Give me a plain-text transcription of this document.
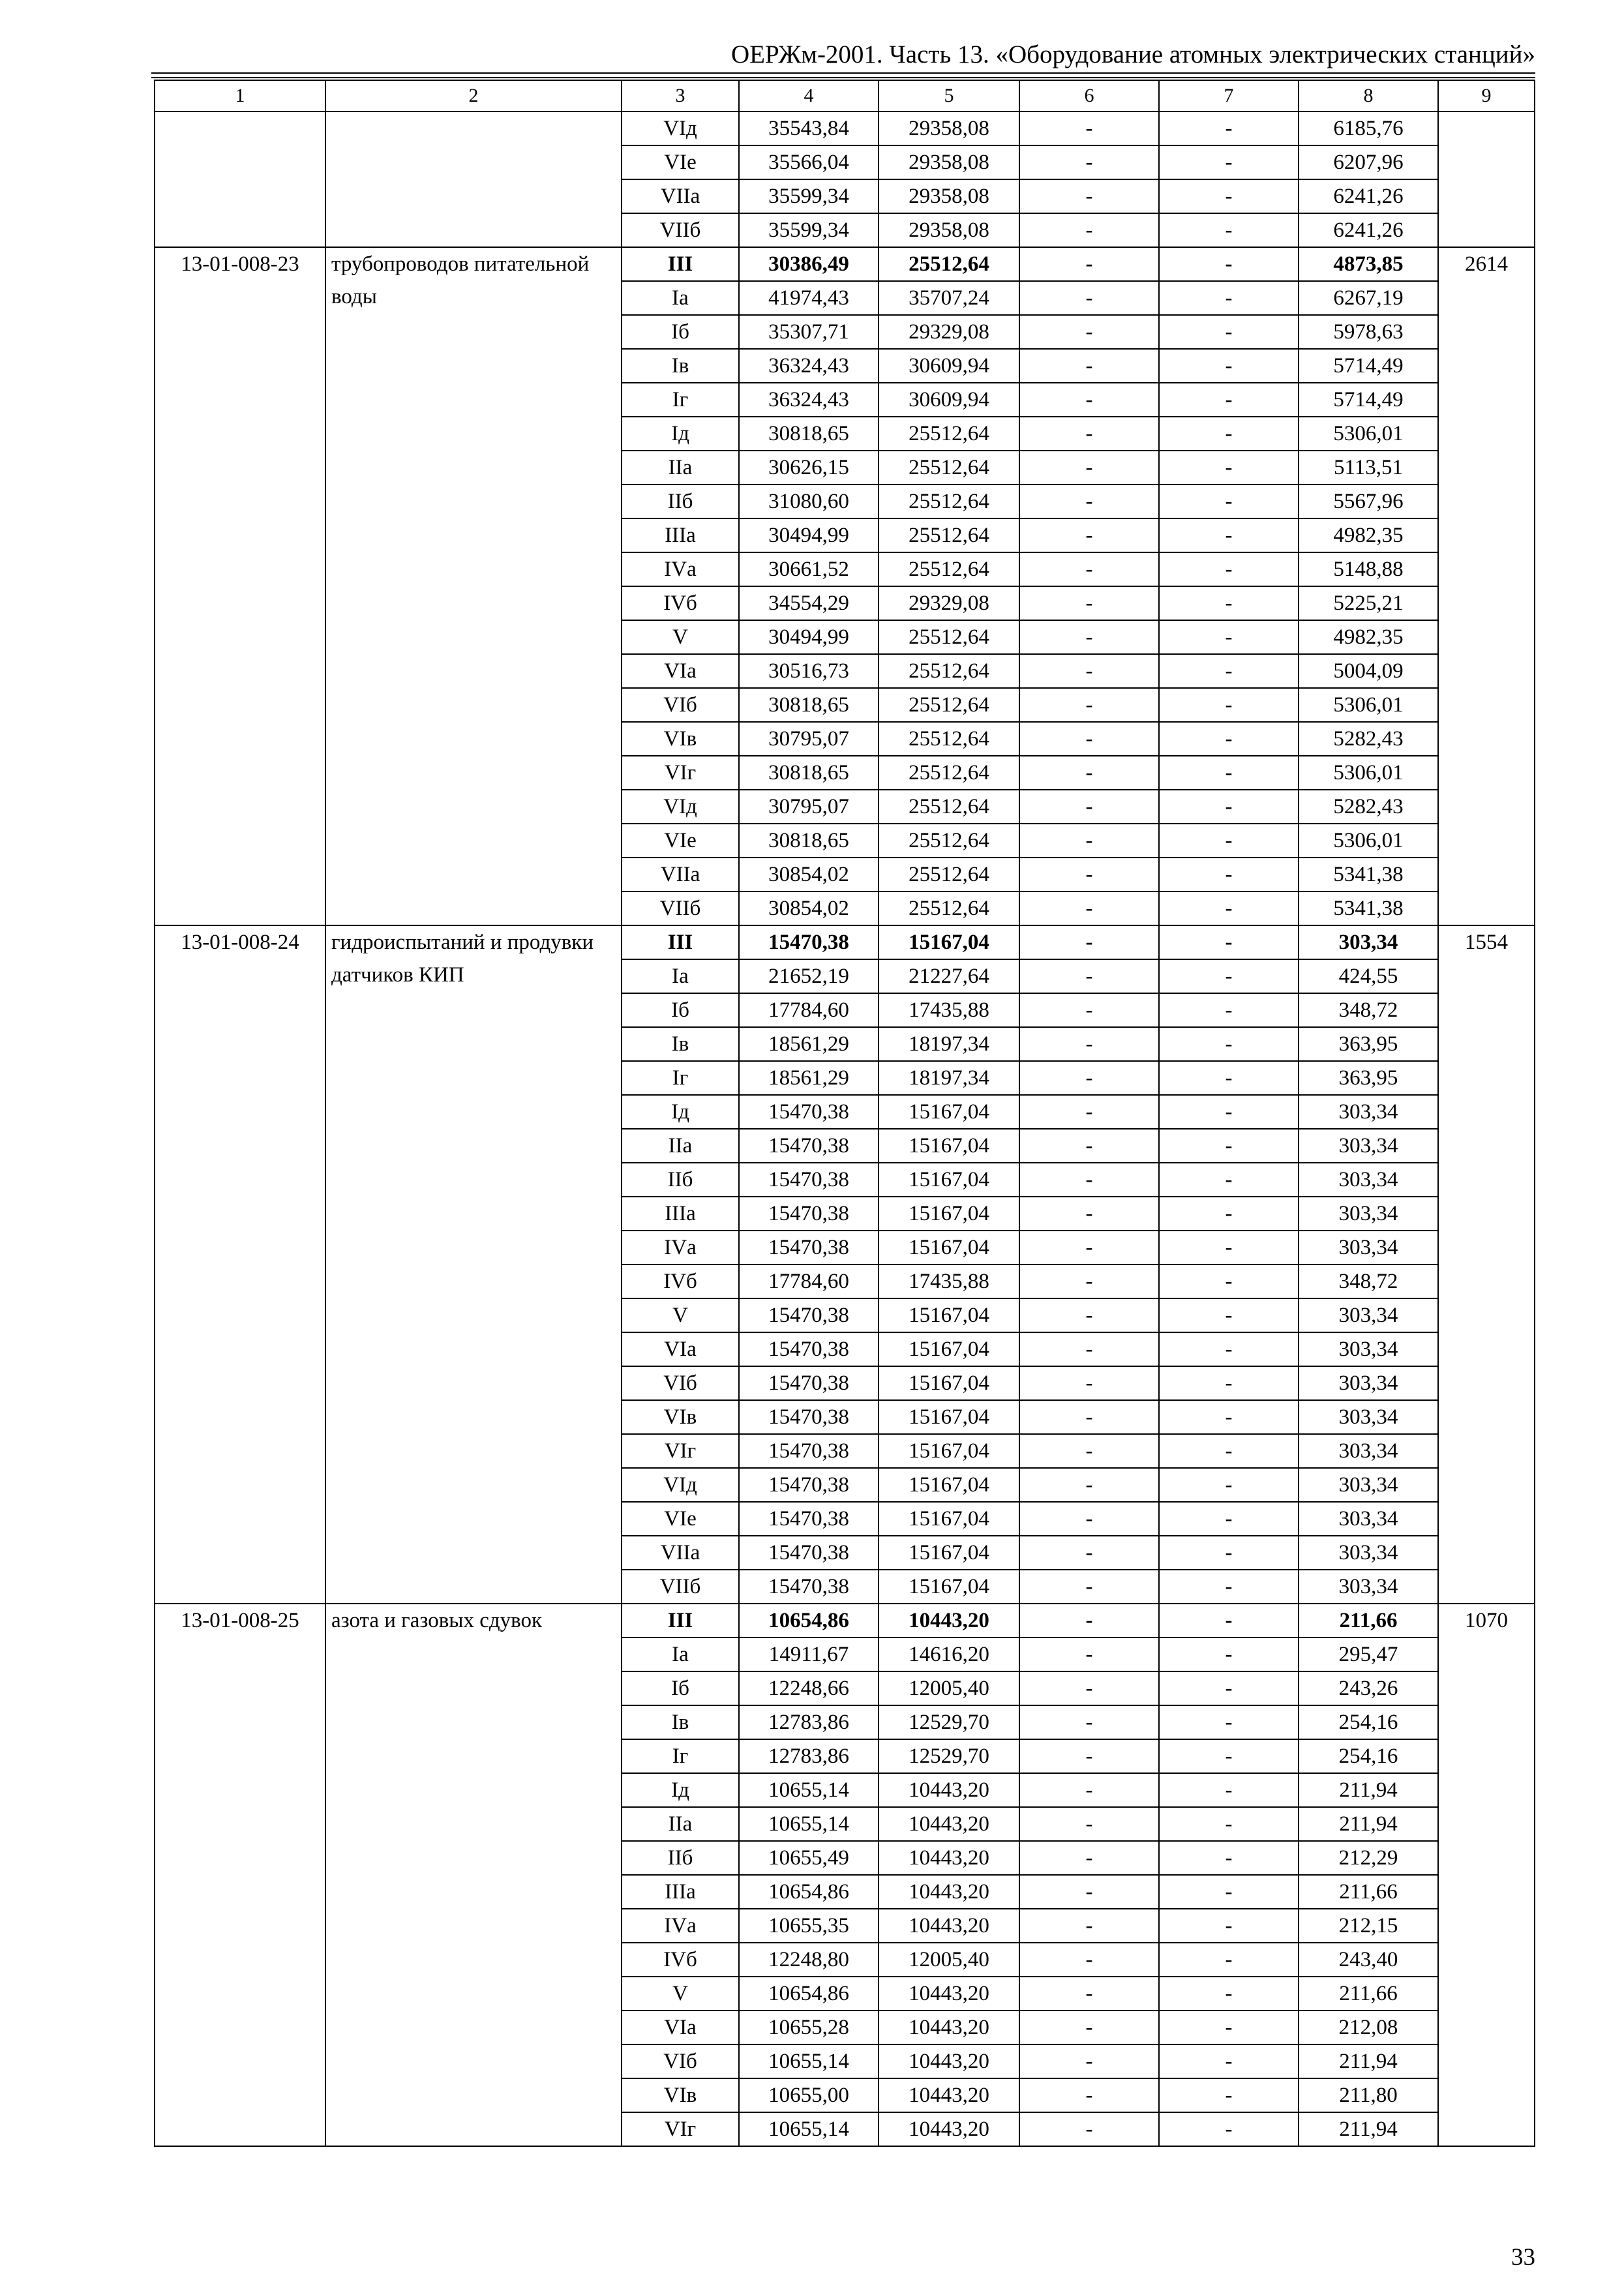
ОЕРЖм-2001. Часть 13. «Оборудование атомных электрических станций»
1	2	3	4	5	6	7	8	9
		VIд	35543,84	29358,08	-	-	6185,76	
		VIе	35566,04	29358,08	-	-	6207,96	
		VIIа	35599,34	29358,08	-	-	6241,26	
		VIIб	35599,34	29358,08	-	-	6241,26	
13-01-008-23	трубопроводов питательной воды	III	30386,49	25512,64	-	-	4873,85	2614
		Iа	41974,43	35707,24	-	-	6267,19	
		Iб	35307,71	29329,08	-	-	5978,63	
		Iв	36324,43	30609,94	-	-	5714,49	
		Iг	36324,43	30609,94	-	-	5714,49	
		Iд	30818,65	25512,64	-	-	5306,01	
		IIа	30626,15	25512,64	-	-	5113,51	
		IIб	31080,60	25512,64	-	-	5567,96	
		IIIа	30494,99	25512,64	-	-	4982,35	
		IVа	30661,52	25512,64	-	-	5148,88	
		IVб	34554,29	29329,08	-	-	5225,21	
		V	30494,99	25512,64	-	-	4982,35	
		VIа	30516,73	25512,64	-	-	5004,09	
		VIб	30818,65	25512,64	-	-	5306,01	
		VIв	30795,07	25512,64	-	-	5282,43	
		VIг	30818,65	25512,64	-	-	5306,01	
		VIд	30795,07	25512,64	-	-	5282,43	
		VIе	30818,65	25512,64	-	-	5306,01	
		VIIа	30854,02	25512,64	-	-	5341,38	
		VIIб	30854,02	25512,64	-	-	5341,38	
13-01-008-24	гидроиспытаний и продувки датчиков КИП	III	15470,38	15167,04	-	-	303,34	1554
		Iа	21652,19	21227,64	-	-	424,55	
		Iб	17784,60	17435,88	-	-	348,72	
		Iв	18561,29	18197,34	-	-	363,95	
		Iг	18561,29	18197,34	-	-	363,95	
		Iд	15470,38	15167,04	-	-	303,34	
		IIа	15470,38	15167,04	-	-	303,34	
		IIб	15470,38	15167,04	-	-	303,34	
		IIIа	15470,38	15167,04	-	-	303,34	
		IVа	15470,38	15167,04	-	-	303,34	
		IVб	17784,60	17435,88	-	-	348,72	
		V	15470,38	15167,04	-	-	303,34	
		VIа	15470,38	15167,04	-	-	303,34	
		VIб	15470,38	15167,04	-	-	303,34	
		VIв	15470,38	15167,04	-	-	303,34	
		VIг	15470,38	15167,04	-	-	303,34	
		VIд	15470,38	15167,04	-	-	303,34	
		VIе	15470,38	15167,04	-	-	303,34	
		VIIа	15470,38	15167,04	-	-	303,34	
		VIIб	15470,38	15167,04	-	-	303,34	
13-01-008-25	азота и газовых сдувок	III	10654,86	10443,20	-	-	211,66	1070
		Iа	14911,67	14616,20	-	-	295,47	
		Iб	12248,66	12005,40	-	-	243,26	
		Iв	12783,86	12529,70	-	-	254,16	
		Iг	12783,86	12529,70	-	-	254,16	
		Iд	10655,14	10443,20	-	-	211,94	
		IIа	10655,14	10443,20	-	-	211,94	
		IIб	10655,49	10443,20	-	-	212,29	
		IIIа	10654,86	10443,20	-	-	211,66	
		IVа	10655,35	10443,20	-	-	212,15	
		IVб	12248,80	12005,40	-	-	243,40	
		V	10654,86	10443,20	-	-	211,66	
		VIа	10655,28	10443,20	-	-	212,08	
		VIб	10655,14	10443,20	-	-	211,94	
		VIв	10655,00	10443,20	-	-	211,80	
		VIг	10655,14	10443,20	-	-	211,94	
33
